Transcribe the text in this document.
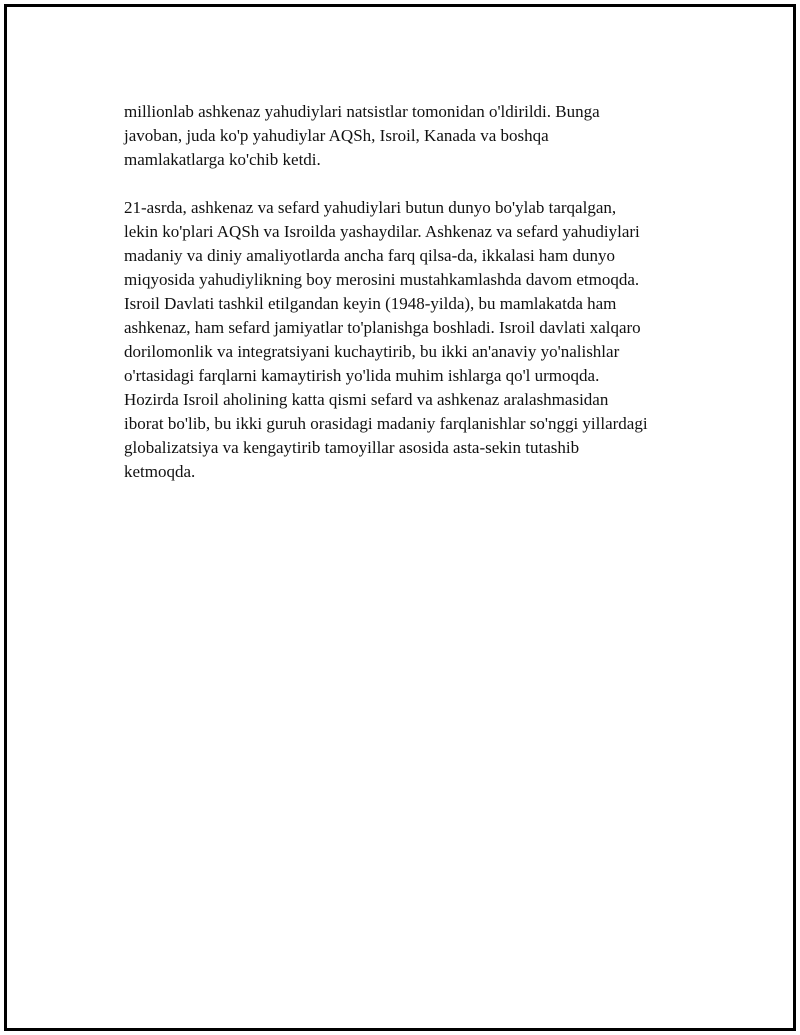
millionlab ashkenaz yahudiylari natsistlar tomonidan o'ldirildi. Bunga
javoban, juda ko'p yahudiylar AQSh, Isroil, Kanada va boshqa
mamlakatlarga ko'chib ketdi.

21-asrda, ashkenaz va sefard yahudiylari butun dunyo bo'ylab tarqalgan,
lekin ko'plari AQSh va Isroilda yashaydilar. Ashkenaz va sefard yahudiylari
madaniy va diniy amaliyotlarda ancha farq qilsa-da, ikkalasi ham dunyo
miqyosida yahudiylikning boy merosini mustahkamlashda davom etmoqda.
Isroil Davlati tashkil etilgandan keyin (1948-yilda), bu mamlakatda ham
ashkenaz, ham sefard jamiyatlar to'planishga boshladi. Isroil davlati xalqaro
dorilomonlik va integratsiyani kuchaytirib, bu ikki an'anaviy yo'nalishlar
o'rtasidagi farqlarni kamaytirish yo'lida muhim ishlarga qo'l urmoqda.
Hozirda Isroil aholining katta qismi sefard va ashkenaz aralashmasidan
iborat bo'lib, bu ikki guruh orasidagi madaniy farqlanishlar so'nggi yillardagi
globalizatsiya va kengaytirib tamoyillar asosida asta-sekin tutashib
ketmoqda.
